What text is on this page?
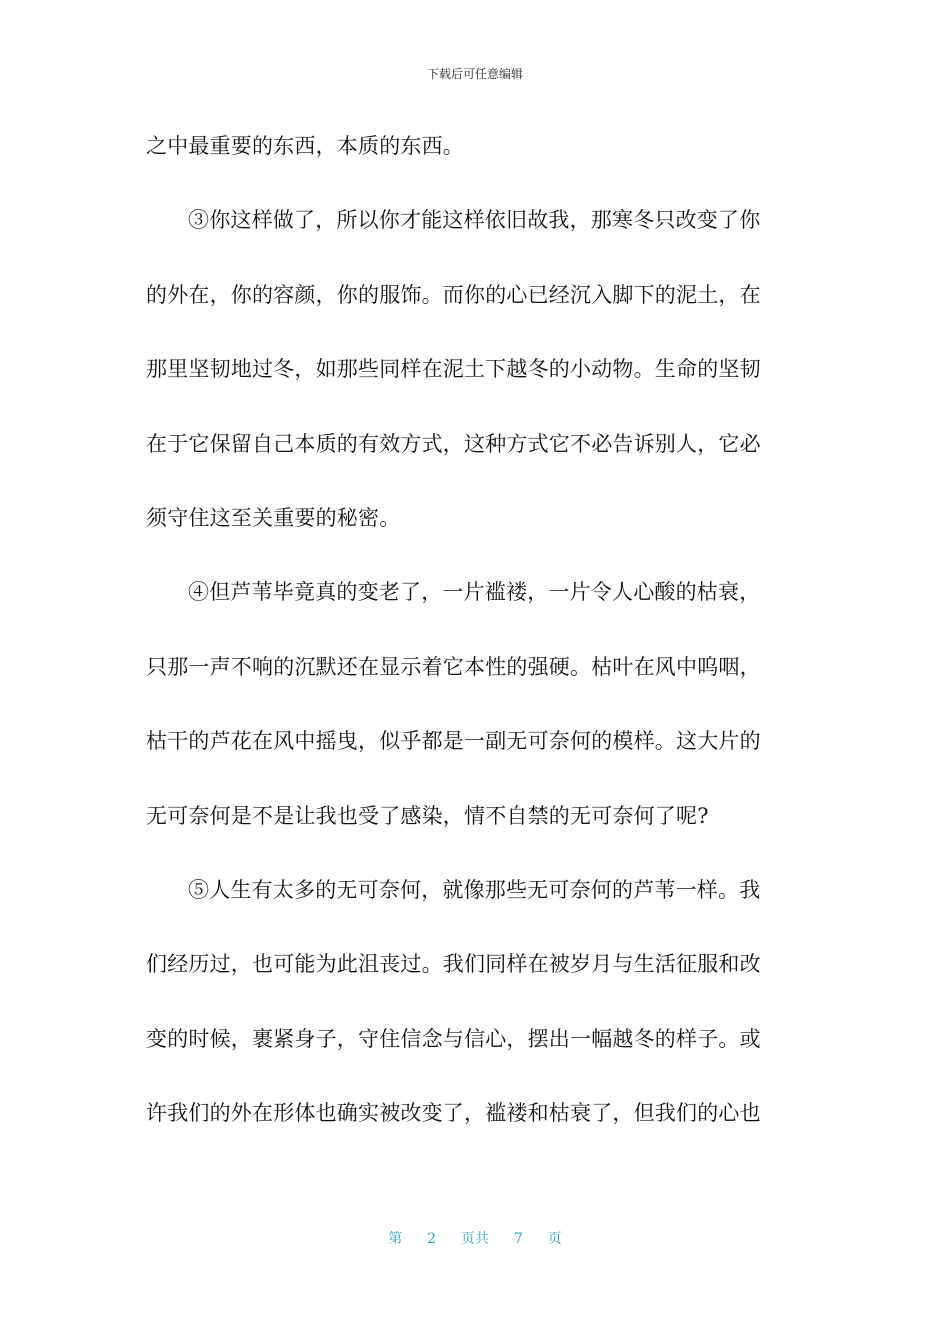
下载后可任意编辑
之中最重要的东西，本质的东西。
③你这样做了，所以你才能这样依旧故我，那寒冬只改变了你
的外在，你的容颜，你的服饰。而你的心已经沉入脚下的泥土，在
那里坚韧地过冬，如那些同样在泥土下越冬的小动物。生命的坚韧
在于它保留自己本质的有效方式，这种方式它不必告诉别人，它必
须守住这至关重要的秘密。
④但芦苇毕竟真的变老了，一片褴褛，一片令人心酸的枯衰，
只那一声不响的沉默还在显示着它本性的强硬。枯叶在风中呜咽，
枯干的芦花在风中摇曳，似乎都是一副无可奈何的模样。这大片的
无可奈何是不是让我也受了感染，情不自禁的无可奈何了呢?
⑤人生有太多的无可奈何，就像那些无可奈何的芦苇一样。我
们经历过，也可能为此沮丧过。我们同样在被岁月与生活征服和改
变的时候，裹紧身子，守住信念与信心，摆出一幅越冬的样子。或
许我们的外在形体也确实被改变了，褴褛和枯衰了，但我们的心也
第 2 页共 7 页
